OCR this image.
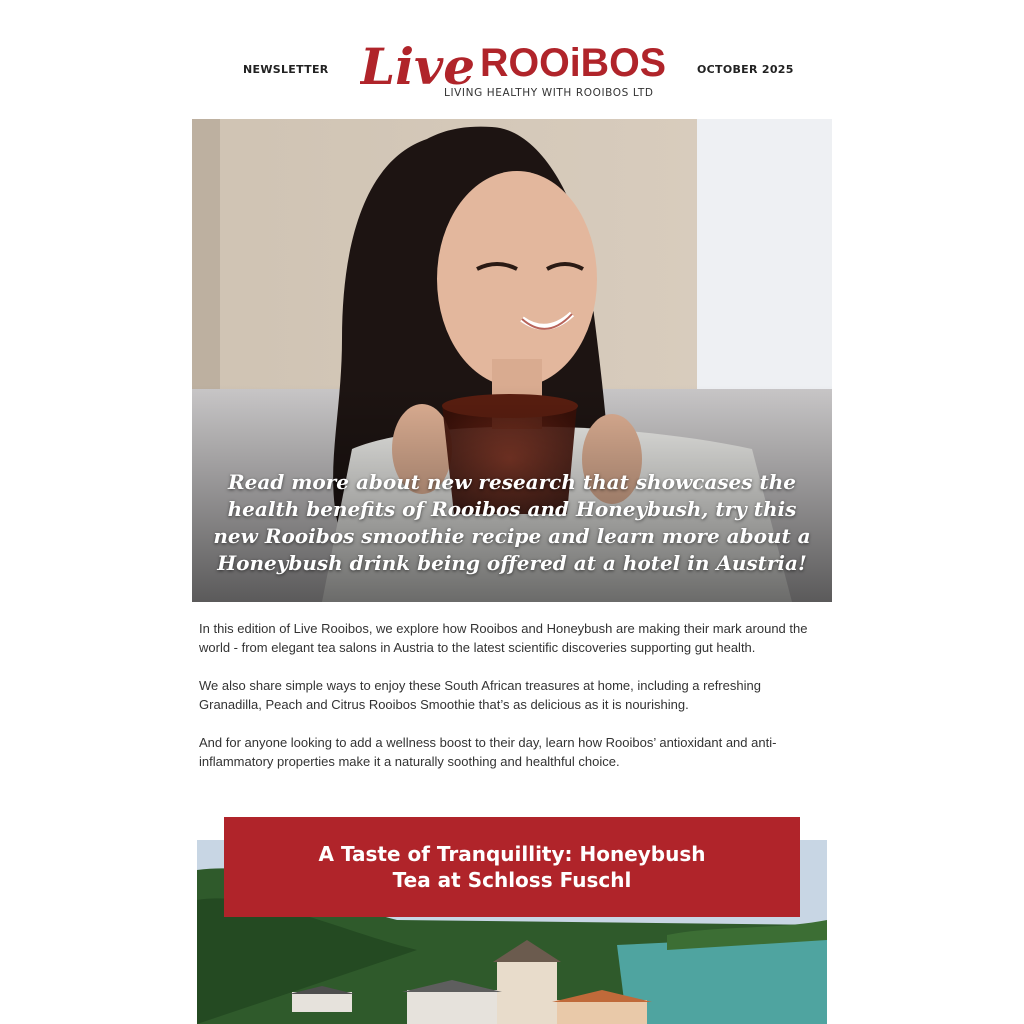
NEWSLETTER Live ROOiBOS
LIVING HEALTHY WITH ROOIBOS LTD
OCTOBER 2025
Read more about new research that showcases the health benefits of Rooibos and Honeybush, try this new Rooibos smoothie recipe and learn more about a Honeybush drink being offered at a hotel in Austria!

In this edition of Live Rooibos, we explore how Rooibos and Honeybush are making their mark around the world - from elegant tea salons in Austria to the latest scientific discoveries supporting gut health.

We also share simple ways to enjoy these South African treasures at home, including a refreshing Granadilla, Peach and Citrus Rooibos Smoothie that’s as delicious as it is nourishing.

And for anyone looking to add a wellness boost to their day, learn how Rooibos’ antioxidant and anti-inflammatory properties make it a naturally soothing and healthful choice.

A Taste of Tranquillity: Honeybush Tea at Schloss Fuschl
